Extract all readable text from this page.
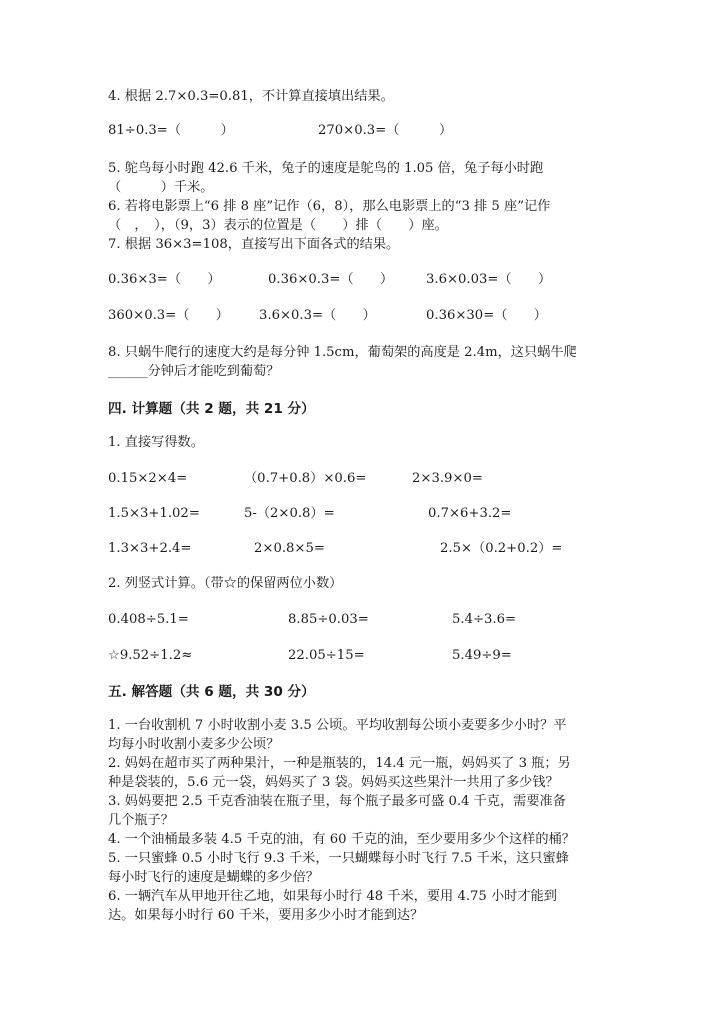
4. 根据 2.7×0.3=0.81，不计算直接填出结果。
81÷0.3=（　　　）	270×0.3=（　　　）
5. 鸵鸟每小时跑 42.6 千米，兔子的速度是鸵鸟的 1.05 倍，兔子每小时跑
（　　　）千米。
6. 若将电影票上“6 排 8 座”记作（6，8），那么电影票上的“3 排 5 座”记作
（　，　），（9，3）表示的位置是（　　）排（　　）座。
7. 根据 36×3=108，直接写出下面各式的结果。
0.36×3=（　　）	0.36×0.3=（　　） 3.6×0.03=（　　）
360×0.3=（　　） 3.6×0.3=（　　）	0.36×30=（　　）
8. 只蜗牛爬行的速度大约是每分钟 1.5cm，葡萄架的高度是 2.4m，这只蜗牛爬
______分钟后才能吃到葡萄？
四. 计算题（共 2 题，共 21 分）
1. 直接写得数。
0.15×2×4=	（0.7+0.8）×0.6=	2×3.9×0=
1.5×3+1.02=	5-（2×0.8）=	0.7×6+3.2=
1.3×3+2.4=	2×0.8×5=	2.5×（0.2+0.2）=
2. 列竖式计算。（带☆的保留两位小数）
0.408÷5.1=	8.85÷0.03=	5.4÷3.6=
☆9.52÷1.2≈	22.05÷15=	5.49÷9=
五. 解答题（共 6 题，共 30 分）
1. 一台收割机 7 小时收割小麦 3.5 公顷。平均收割每公顷小麦要多少小时？平
均每小时收割小麦多少公顷？
2. 妈妈在超市买了两种果汁，一种是瓶装的，14.4 元一瓶，妈妈买了 3 瓶；另
种是袋装的，5.6 元一袋，妈妈买了 3 袋。妈妈买这些果汁一共用了多少钱？
3. 妈妈要把 2.5 千克香油装在瓶子里，每个瓶子最多可盛 0.4 千克，需要准备
几个瓶子？
4. 一个油桶最多装 4.5 千克的油，有 60 千克的油，至少要用多少个这样的桶？
5. 一只蜜蜂 0.5 小时飞行 9.3 千米，一只蝴蝶每小时飞行 7.5 千米，这只蜜蜂
每小时飞行的速度是蝴蝶的多少倍？
6. 一辆汽车从甲地开往乙地，如果每小时行 48 千米，要用 4.75 小时才能到
达。如果每小时行 60 千米，要用多少小时才能到达？
